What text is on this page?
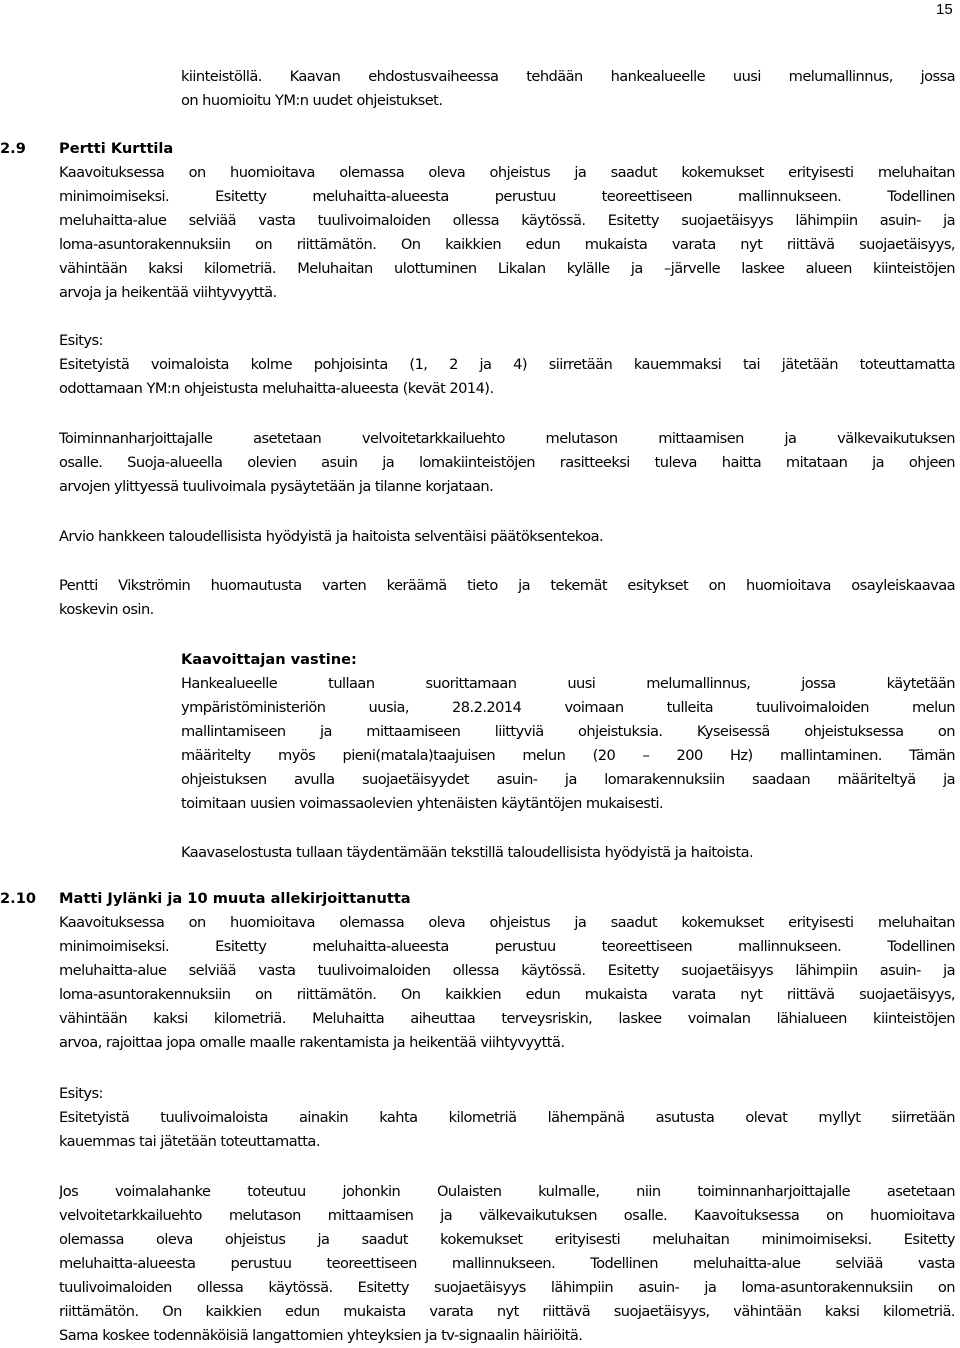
15
kiinteistöllä. Kaavan ehdostusvaiheessa tehdään hankealueelle uusi melumallinnus, jossa
on huomioitu YM:n uudet ohjeistukset.
2.9 Pertti Kurttila
Kaavoituksessa on huomioitava olemassa oleva ohjeistus ja saadut kokemukset erityisesti meluhaitan
minimoimiseksi. Esitetty meluhaitta-alueesta perustuu teoreettiseen mallinnukseen. Todellinen
meluhaitta-alue selviää vasta tuulivoimaloiden ollessa käytössä. Esitetty suojaetäisyys lähimpiin asuin- ja
loma-asuntorakennuksiin on riittämätön. On kaikkien edun mukaista varata nyt riittävä suojaetäisyys,
vähintään kaksi kilometriä. Meluhaitan ulottuminen Likalan kylälle ja –järvelle laskee alueen kiinteistöjen
arvoja ja heikentää viihtyvyyttä.
Esitys:
Esitetyistä voimaloista kolme pohjoisinta (1, 2 ja 4) siirretään kauemmaksi tai jätetään toteuttamatta
odottamaan YM:n ohjeistusta meluhaitta-alueesta (kevät 2014).
Toiminnanharjoittajalle asetetaan velvoitetarkkailuehto melutason mittaamisen ja välkevaikutuksen
osalle. Suoja-alueella olevien asuin ja lomakiinteistöjen rasitteeksi tuleva haitta mitataan ja ohjeen
arvojen ylittyessä tuulivoimala pysäytetään ja tilanne korjataan.
Arvio hankkeen taloudellisista hyödyistä ja haitoista selventäisi päätöksentekoa.
Pentti Vikströmin huomautusta varten keräämä tieto ja tekemät esitykset on huomioitava osayleiskaavaa
koskevin osin.
Kaavoittajan vastine:
Hankealueelle tullaan suorittamaan uusi melumallinnus, jossa käytetään
ympäristöministeriön uusia, 28.2.2014 voimaan tulleita tuulivoimaloiden melun
mallintamiseen ja mittaamiseen liittyviä ohjeistuksia. Kyseisessä ohjeistuksessa on
määritelty myös pieni(matala)taajuisen melun (20 – 200 Hz) mallintaminen. Tämän
ohjeistuksen avulla suojaetäisyydet asuin- ja lomarakennuksiin saadaan määriteltyä ja
toimitaan uusien voimassaolevien yhtenäisten käytäntöjen mukaisesti.
Kaavaselostusta tullaan täydentämään tekstillä taloudellisista hyödyistä ja haitoista.
2.10 Matti Jylänki ja 10 muuta allekirjoittanutta
Kaavoituksessa on huomioitava olemassa oleva ohjeistus ja saadut kokemukset erityisesti meluhaitan
minimoimiseksi. Esitetty meluhaitta-alueesta perustuu teoreettiseen mallinnukseen. Todellinen
meluhaitta-alue selviää vasta tuulivoimaloiden ollessa käytössä. Esitetty suojaetäisyys lähimpiin asuin- ja
loma-asuntorakennuksiin on riittämätön. On kaikkien edun mukaista varata nyt riittävä suojaetäisyys,
vähintään kaksi kilometriä. Meluhaitta aiheuttaa terveysriskin, laskee voimalan lähialueen kiinteistöjen
arvoa, rajoittaa jopa omalle maalle rakentamista ja heikentää viihtyvyyttä.
Esitys:
Esitetyistä tuulivoimaloista ainakin kahta kilometriä lähempänä asutusta olevat myllyt siirretään
kauemmas tai jätetään toteuttamatta.
Jos voimalahanke toteutuu johonkin Oulaisten kulmalle, niin toiminnanharjoittajalle asetetaan
velvoitetarkkailuehto melutason mittaamisen ja välkevaikutuksen osalle. Kaavoituksessa on huomioitava
olemassa oleva ohjeistus ja saadut kokemukset erityisesti meluhaitan minimoimiseksi. Esitetty
meluhaitta-alueesta perustuu teoreettiseen mallinnukseen. Todellinen meluhaitta-alue selviää vasta
tuulivoimaloiden ollessa käytössä. Esitetty suojaetäisyys lähimpiin asuin- ja loma-asuntorakennuksiin on
riittämätön. On kaikkien edun mukaista varata nyt riittävä suojaetäisyys, vähintään kaksi kilometriä.
Sama koskee todennäköisiä langattomien yhteyksien ja tv-signaalin häiriöitä.
